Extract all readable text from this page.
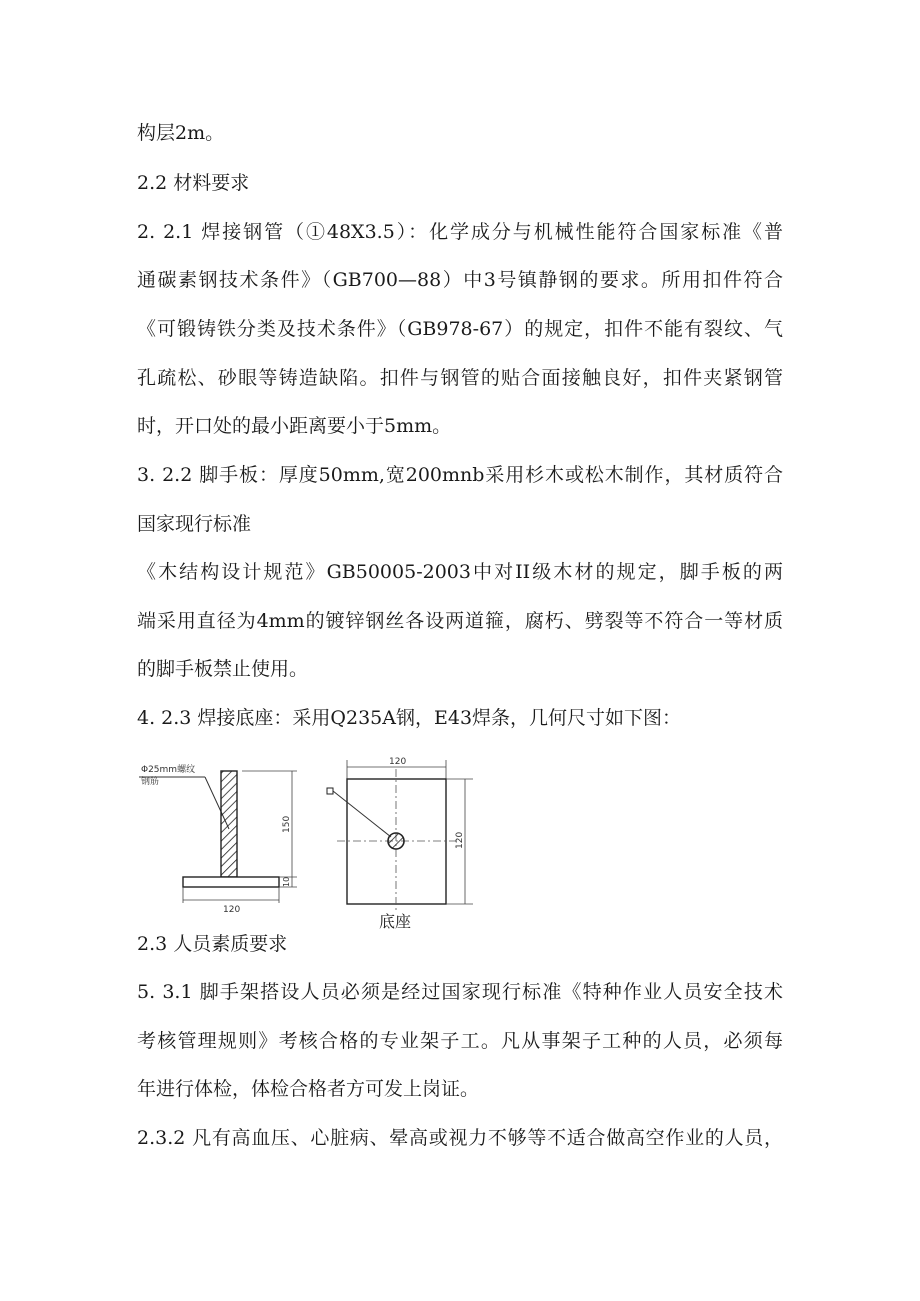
构层2m。
2.2 材料要求
2. 2.1 焊接钢管（①48X3.5）：化学成分与机械性能符合国家标准《普
通碳素钢技术条件》（GB700—88）中3号镇静钢的要求。所用扣件符合
《可锻铸铁分类及技术条件》（GB978-67）的规定，扣件不能有裂纹、气
孔疏松、砂眼等铸造缺陷。扣件与钢管的贴合面接触良好，扣件夹紧钢管
时，开口处的最小距离要小于5mm。
3. 2.2 脚手板：厚度50mm,宽200mnb采用杉木或松木制作，其材质符合
国家现行标准
《木结构设计规范》GB50005-2003中对II级木材的规定，脚手板的两
端采用直径为4mm的镀锌钢丝各设两道箍，腐朽、劈裂等不符合一等材质
的脚手板禁止使用。
4. 2.3 焊接底座：采用Q235A钢，E43焊条，几何尺寸如下图：
Φ25mm螺纹
钢筋
120
150
10
120
120
底座
2.3 人员素质要求
5. 3.1 脚手架搭设人员必须是经过国家现行标准《特种作业人员安全技术
考核管理规则》考核合格的专业架子工。凡从事架子工种的人员，必须每
年进行体检，体检合格者方可发上岗证。
2.3.2 凡有高血压、心脏病、晕高或视力不够等不适合做高空作业的人员，
